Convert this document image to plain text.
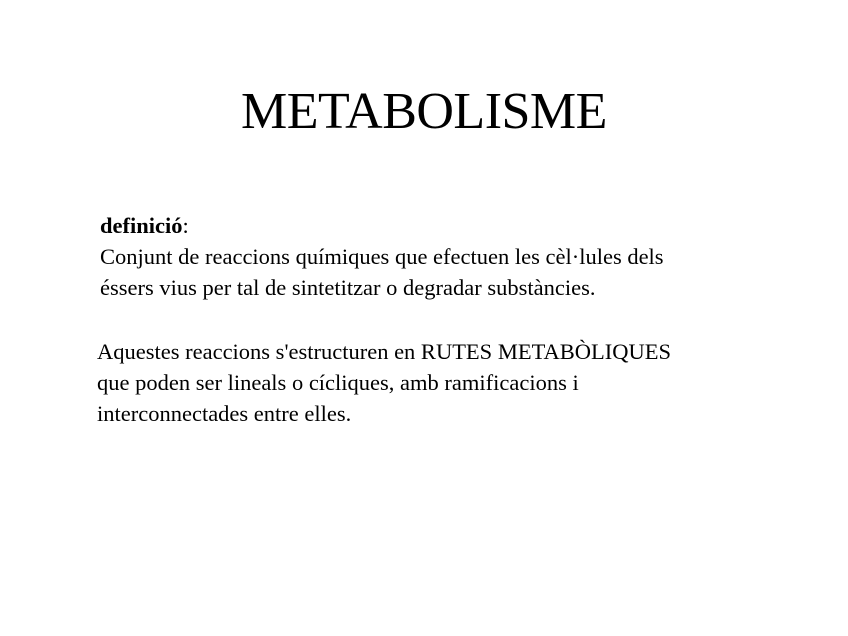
METABOLISME
definició:
Conjunt de reaccions químiques que efectuen les cèl·lules dels
éssers vius per tal de sintetitzar o degradar substàncies.
Aquestes reaccions s'estructuren en RUTES METABÒLIQUES
que poden ser lineals o cícliques, amb ramificacions i
interconnectades entre elles.
